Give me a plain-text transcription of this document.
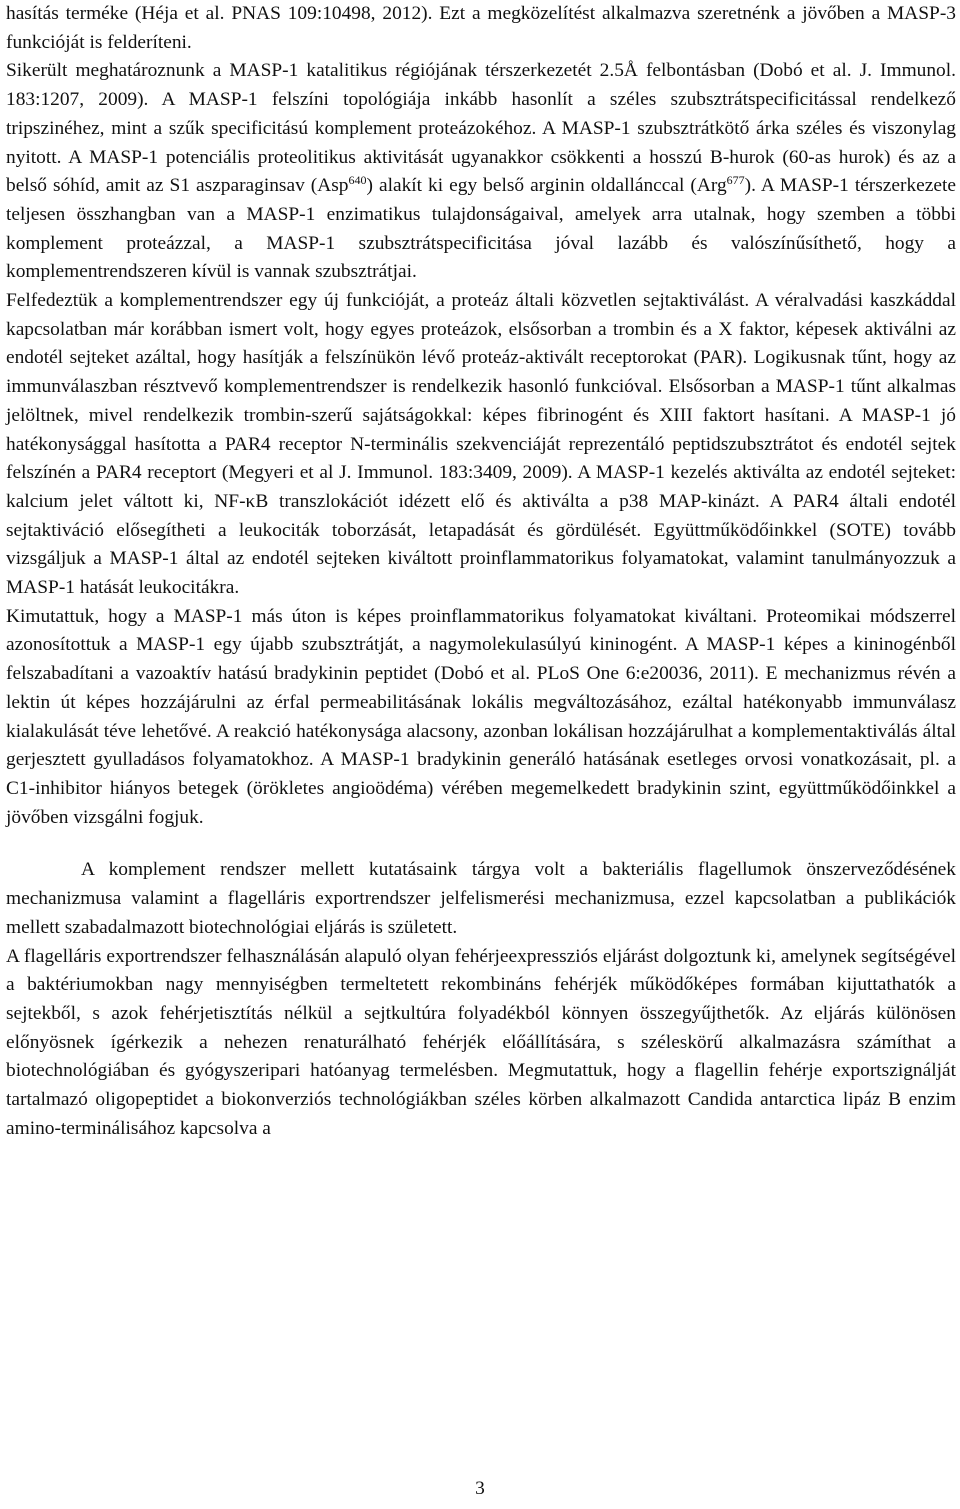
hasítás terméke (Héja et al. PNAS 109:10498, 2012). Ezt a megközelítést alkalmazva szeretnénk a jövőben a MASP-3 funkcióját is felderíteni.

Sikerült meghatároznunk a MASP-1 katalitikus régiójának térszerkezetét 2.5Å felbontásban (Dobó et al. J. Immunol. 183:1207, 2009). A MASP-1 felszíni topológiája inkább hasonlít a széles szubsztrátspecificitással rendelkező tripszinéhez, mint a szűk specificitású komplement proteázokéhoz. A MASP-1 szubsztrátkötő árka széles és viszonylag nyitott. A MASP-1 potenciális proteolitikus aktivitását ugyanakkor csökkenti a hosszú B-hurok (60-as hurok) és az a belső sóhíd, amit az S1 aszparaginsav (Asp$^{640}$) alakít ki egy belső arginin oldallánccal (Arg$^{677}$). A MASP-1 térszerkezete teljesen összhangban van a MASP-1 enzimatikus tulajdonságaival, amelyek arra utalnak, hogy szemben a többi komplement proteázzal, a MASP-1 szubsztrátspecificitása jóval lazább és valószínűsíthető, hogy a komplementrendszeren kívül is vannak szubsztrátjai.

Felfedeztük a komplementrendszer egy új funkcióját, a proteáz általi közvetlen sejtaktiválást. A véralvadási kaszkáddal kapcsolatban már korábban ismert volt, hogy egyes proteázok, elsősorban a trombin és a X faktor, képesek aktiválni az endotél sejteket azáltal, hogy hasítják a felszínükön lévő proteáz-aktivált receptorokat (PAR). Logikusnak tűnt, hogy az immunválaszban résztvevő komplementrendszer is rendelkezik hasonló funkcióval. Elsősorban a MASP-1 tűnt alkalmas jelöltnek, mivel rendelkezik trombin-szerű sajátságokkal: képes fibrinogént és XIII faktort hasítani. A MASP-1 jó hatékonysággal hasította a PAR4 receptor N-terminális szekvenciáját reprezentáló peptidszubsztrátot és endotél sejtek felszínén a PAR4 receptort (Megyeri et al J. Immunol. 183:3409, 2009). A MASP-1 kezelés aktiválta az endotél sejteket: kalcium jelet váltott ki, NF-κB transzlokációt idézett elő és aktiválta a p38 MAP-kinázt. A PAR4 általi endotél sejtaktiváció elősegítheti a leukociták toborzását, letapadását és gördülését. Együttműködőinkkel (SOTE) tovább vizsgáljuk a MASP-1 által az endotél sejteken kiváltott proinflammatorikus folyamatokat, valamint tanulmányozzuk a MASP-1 hatását leukocitákra.

Kimutattuk, hogy a MASP-1 más úton is képes proinflammatorikus folyamatokat kiváltani. Proteomikai módszerrel azonosítottuk a MASP-1 egy újabb szubsztrátját, a nagymolekulasúlyú kininogént. A MASP-1 képes a kininogénből felszabadítani a vazoaktív hatású bradykinin peptidet (Dobó et al. PLoS One 6:e20036, 2011). E mechanizmus révén a lektin út képes hozzájárulni az érfal permeabilitásának lokális megváltozásához, ezáltal hatékonyabb immunválasz kialakulását téve lehetővé. A reakció hatékonysága alacsony, azonban lokálisan hozzájárulhat a komplementaktiválás által gerjesztett gyulladásos folyamatokhoz. A MASP-1 bradykinin generáló hatásának esetleges orvosi vonatkozásait, pl. a C1-inhibitor hiányos betegek (örökletes angioödéma) vérében megemelkedett bradykinin szint, együttműködőinkkel a jövőben vizsgálni fogjuk.

A komplement rendszer mellett kutatásaink tárgya volt a bakteriális flagellumok önszerveződésének mechanizmusa valamint a flagelláris exportrendszer jelfelismerési mechanizmusa, ezzel kapcsolatban a publikációk mellett szabadalmazott biotechnológiai eljárás is született.

A flagelláris exportrendszer felhasználásán alapuló olyan fehérjeexpressziós eljárást dolgoztunk ki, amelynek segítségével a baktériumokban nagy mennyiségben termeltetett rekombináns fehérjék működőképes formában kijuttathatók a sejtekből, s azok fehérjetisztítás nélkül a sejtkultúra folyadékból könnyen összegyűjthetők. Az eljárás különösen előnyösnek ígérkezik a nehezen renaturálható fehérjék előállítására, s széleskörű alkalmazásra számíthat a biotechnológiában és gyógyszeripari hatóanyag termelésben. Megmutattuk, hogy a flagellin fehérje exportszignálját tartalmazó oligopeptidet a biokonverziós technológiákban széles körben alkalmazott Candida antarctica lipáz B enzim amino-terminálisához kapcsolva a

3
